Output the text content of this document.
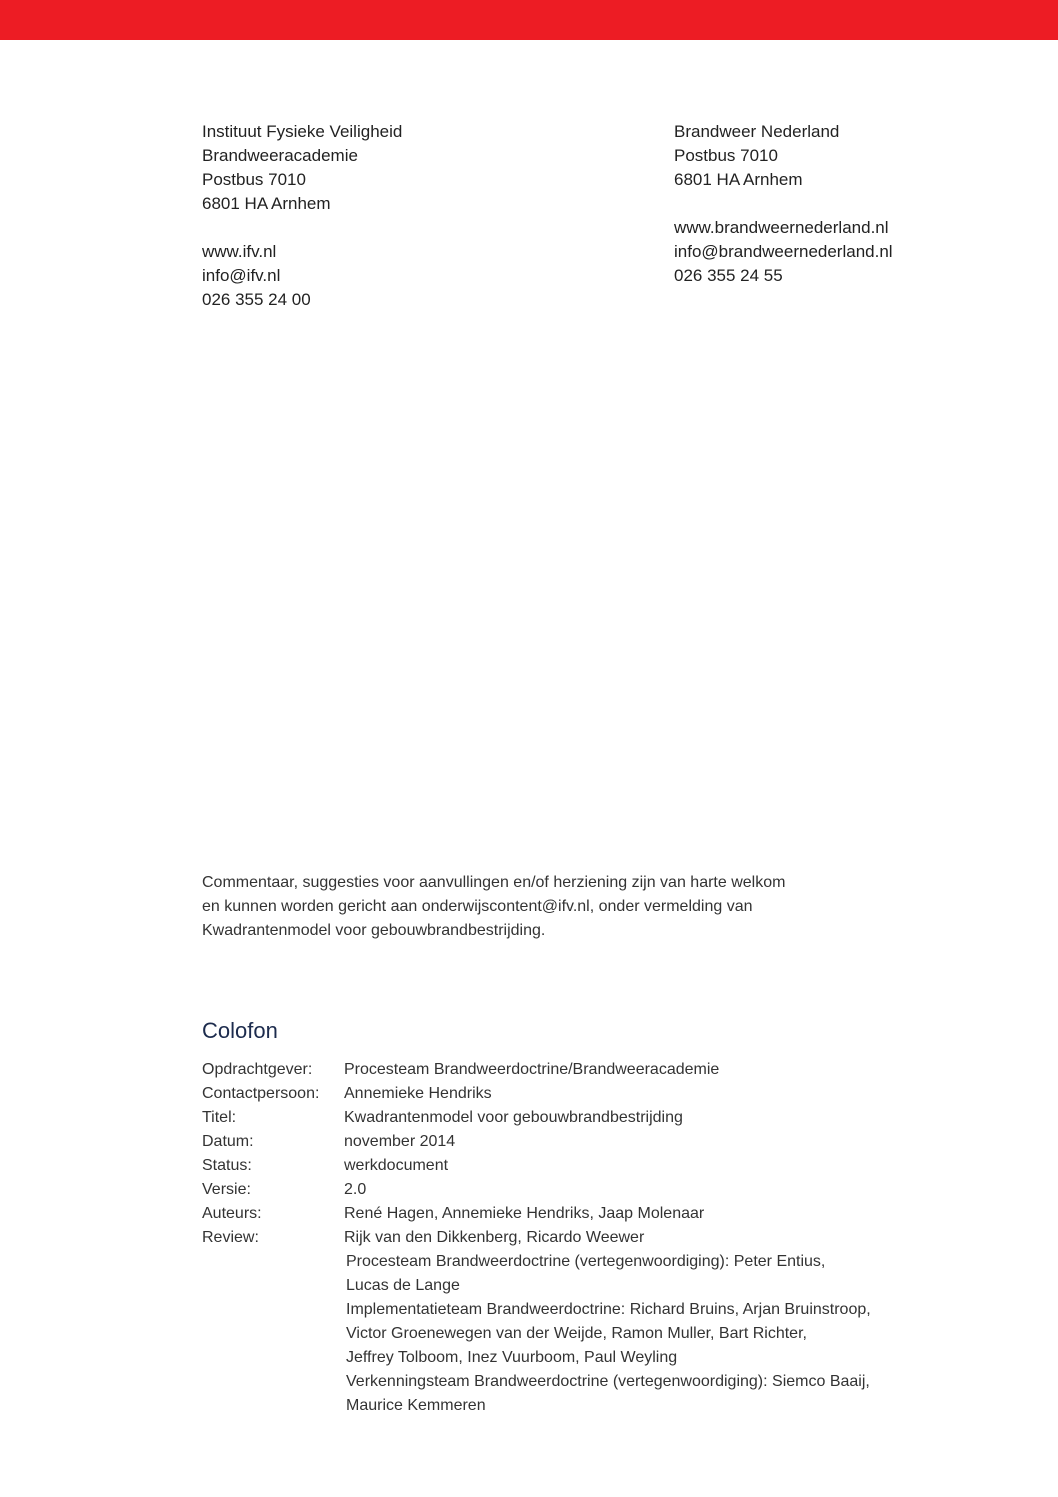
Instituut Fysieke Veiligheid
Brandweeracademie
Postbus 7010
6801 HA Arnhem
www.ifv.nl
info@ifv.nl
026 355 24 00
Brandweer Nederland
Postbus 7010
6801 HA Arnhem
www.brandweernederland.nl
info@brandweernederland.nl
026 355 24 55
Commentaar, suggesties voor aanvullingen en/of herziening zijn van harte welkom
en kunnen worden gericht aan onderwijscontent@ifv.nl, onder vermelding van
Kwadrantenmodel voor gebouwbrandbestrijding.
Colofon
Opdrachtgever:	Procesteam Brandweerdoctrine/Brandweeracademie
Contactpersoon:	Annemieke Hendriks
Titel:	Kwadrantenmodel voor gebouwbrandbestrijding
Datum:	november 2014
Status:	werkdocument
Versie:	2.0
Auteurs:	René Hagen, Annemieke Hendriks, Jaap Molenaar
Review:	Rijk van den Dikkenberg, Ricardo Weewer
Procesteam Brandweerdoctrine (vertegenwoordiging): Peter Entius,
Lucas de Lange
Implementatieteam Brandweerdoctrine: Richard Bruins, Arjan Bruinstroop,
Victor Groenewegen van der Weijde, Ramon Muller, Bart Richter,
Jeffrey Tolboom, Inez Vuurboom, Paul Weyling
Verkenningsteam Brandweerdoctrine (vertegenwoordiging): Siemco Baaij,
Maurice Kemmeren
